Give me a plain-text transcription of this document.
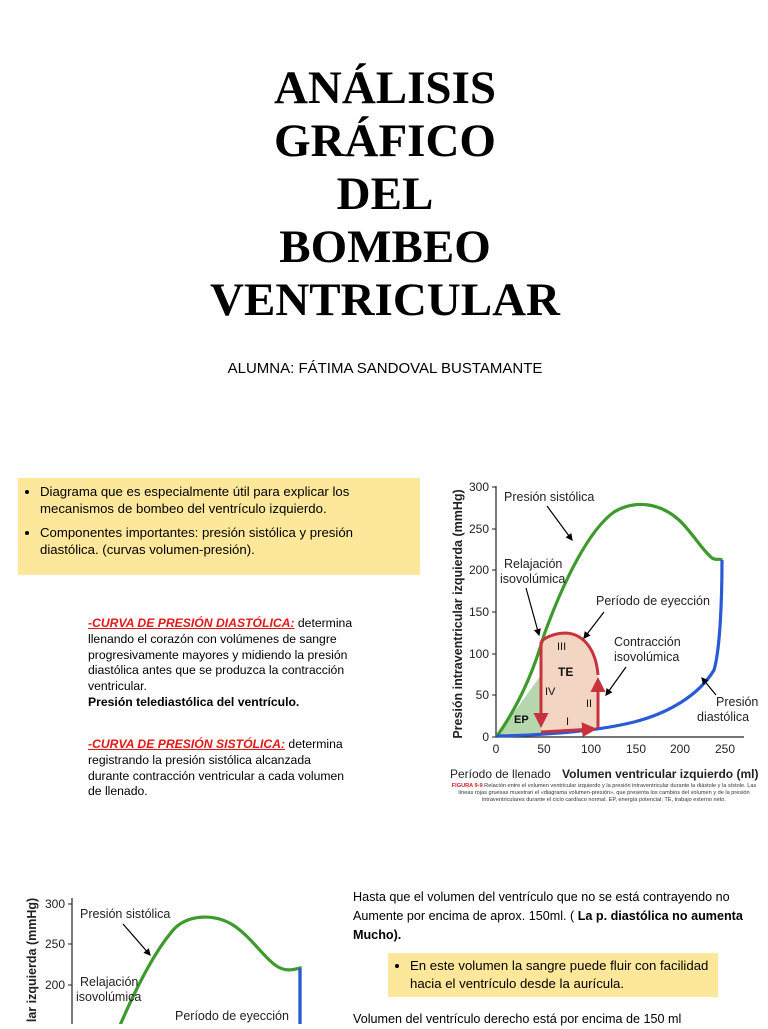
ANÁLISIS
GRÁFICO
DEL
BOMBEO
VENTRICULAR
ALUMNA: FÁTIMA SANDOVAL BUSTAMANTE
• Diagrama que es especialmente útil para explicar los mecanismos de bombeo del ventrículo izquierdo.
• Componentes importantes: presión sistólica y presión diastólica. (curvas volumen-presión).
-CURVA DE PRESIÓN DIASTÓLICA: determina llenando el corazón con volúmenes de sangre progresivamente mayores y midiendo la presión diastólica antes que se produzca la contracción ventricular.
Presión telediastólica del ventrículo.
-CURVA DE PRESIÓN SISTÓLICA: determina registrando la presión sistólica alcanzada durante contracción ventricular a cada volumen de llenado.
Presión intraventricular izquierda (mmHg) 0
50
100
150
200
250
300
0	50	100 150 200 250
Período de llenado Volumen ventricular izquierdo (ml)
EP
TE
I
II
III
IV
Presión sistólica
Relajación
isovolúmica
Período de eyección
Contracción
isovolúmica
Presión
diastólica
FIGURA 9-9 Relación entre el volumen ventricular izquierdo y la presión intraventricular durante la diástole y la sístole. Las líneas rojas gruesas muestran el «diagrama volumen-presión», que presenta los cambios del volumen y de la presión intraventriculares durante el ciclo cardíaco normal. EP, energía potencial; TE, trabajo externo neto.
lar izquierda (mmHg) 300
250
200
Presión sistólica
Relajación
isovolúmica
Período de eyección
Hasta que el volumen del ventrículo que no se está contrayendo no Aumente por encima de aprox. 150ml. ( La p. diastólica no aumenta Mucho).
• En este volumen la sangre puede fluir con facilidad hacia el ventrículo desde la aurícula.
Volumen del ventrículo derecho está por encima de 150 ml
